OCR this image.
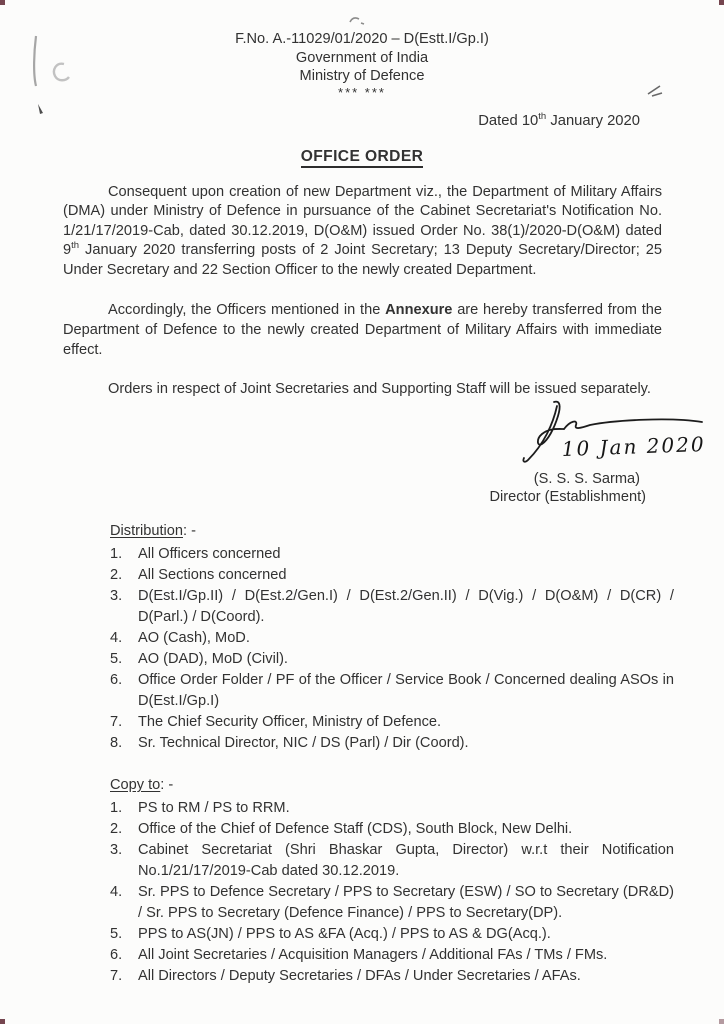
F.No. A.-11029/01/2020 – D(Estt.I/Gp.I)
Government of India
Ministry of Defence
*** ***
Dated 10th January 2020
OFFICE ORDER

Consequent upon creation of new Department viz., the Department of Military Affairs (DMA) under Ministry of Defence in pursuance of the Cabinet Secretariat's Notification No. 1/21/17/2019-Cab, dated 30.12.2019, D(O&M) issued Order No. 38(1)/2020-D(O&M) dated 9th January 2020 transferring posts of 2 Joint Secretary; 13 Deputy Secretary/Director; 25 Under Secretary and 22 Section Officer to the newly created Department.

Accordingly, the Officers mentioned in the Annexure are hereby transferred from the Department of Defence to the newly created Department of Military Affairs with immediate effect.

Orders in respect of Joint Secretaries and Supporting Staff will be issued separately.

10 Jan 2020
(S. S. S. Sarma)
Director (Establishment)
Distribution: -
All Officers concerned
All Sections concerned
D(Est.I/Gp.II) / D(Est.2/Gen.I) / D(Est.2/Gen.II) / D(Vig.) / D(O&M) / D(CR) / D(Parl.) / D(Coord).
AO (Cash), MoD.
AO (DAD), MoD (Civil).
Office Order Folder / PF of the Officer / Service Book / Concerned dealing ASOs in D(Est.I/Gp.I)
The Chief Security Officer, Ministry of Defence.
Sr. Technical Director, NIC / DS (Parl) / Dir (Coord).
Copy to: -
PS to RM / PS to RRM.
Office of the Chief of Defence Staff (CDS), South Block, New Delhi.
Cabinet Secretariat (Shri Bhaskar Gupta, Director) w.r.t their Notification No.1/21/17/2019-Cab dated 30.12.2019.
Sr. PPS to Defence Secretary / PPS to Secretary (ESW) / SO to Secretary (DR&D) / Sr. PPS to Secretary (Defence Finance) / PPS to Secretary(DP).
PPS to AS(JN) / PPS to AS &FA (Acq.) / PPS to AS & DG(Acq.).
All Joint Secretaries / Acquisition Managers / Additional FAs / TMs / FMs.
All Directors / Deputy Secretaries / DFAs / Under Secretaries / AFAs.
